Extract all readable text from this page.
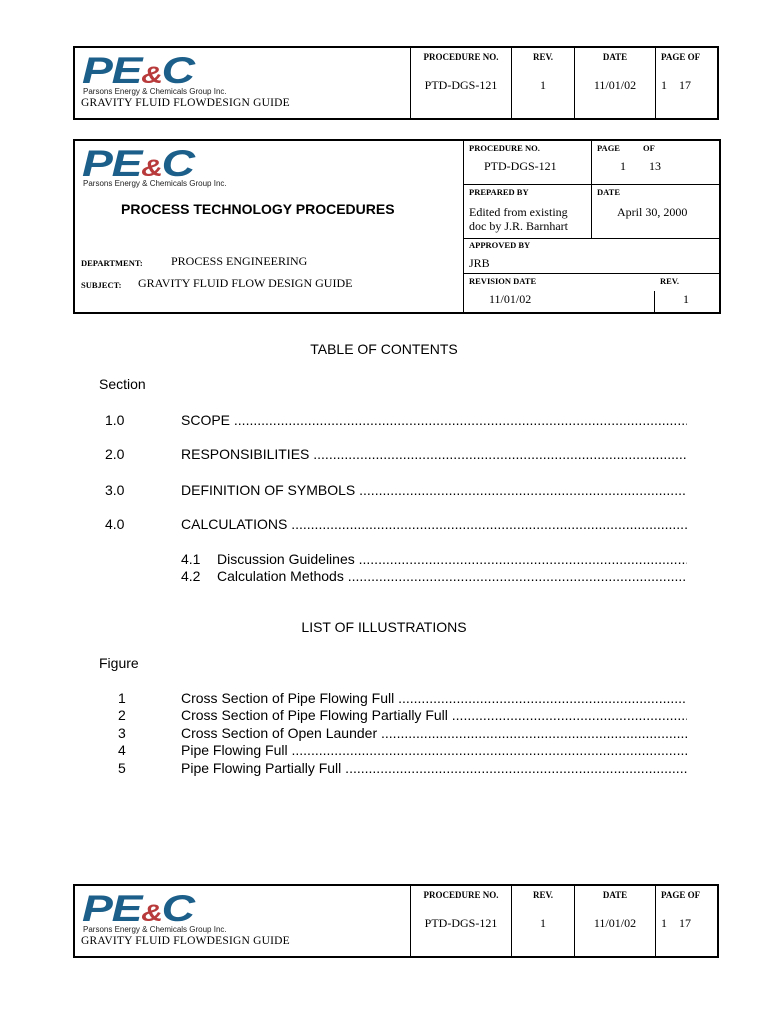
PE&C
Parsons Energy & Chemicals Group Inc.
GRAVITY FLUID FLOWDESIGN GUIDE
PROCEDURE NO.
PTD-DGS-121
REV.
1
DATE
11/01/02
PAGE OF
1    17
PE&C
Parsons Energy & Chemicals Group Inc.
PROCESS TECHNOLOGY PROCEDURES
DEPARTMENT: PROCESS ENGINEERING
SUBJECT: GRAVITY FLUID FLOW DESIGN GUIDE
PROCEDURE NO.
PTD-DGS-121
PAGE	OF
1 13
PREPARED BY
Edited from existing
doc by J.R. Barnhart
DATE
April 30, 2000
APPROVED BY
JRB
REVISION DATE
11/01/02
REV.
1
TABLE OF CONTENTS
Section
1.0	SCOPE .....
2.0	RESPONSIBILITIES .....
3.0	DEFINITION OF SYMBOLS .....
4.0	CALCULATIONS .....
4.1 Discussion Guidelines .....
4.2 Calculation Methods .....
LIST OF ILLUSTRATIONS
Figure
1	Cross Section of Pipe Flowing Full .....
2	Cross Section of Pipe Flowing Partially Full .....
3	Cross Section of Open Launder .....
4	Pipe Flowing Full .....
5	Pipe Flowing Partially Full .....
PE&C
Parsons Energy & Chemicals Group Inc.
GRAVITY FLUID FLOWDESIGN GUIDE
PROCEDURE NO.
PTD-DGS-121
REV.
1
DATE
11/01/02
PAGE OF
1    17
